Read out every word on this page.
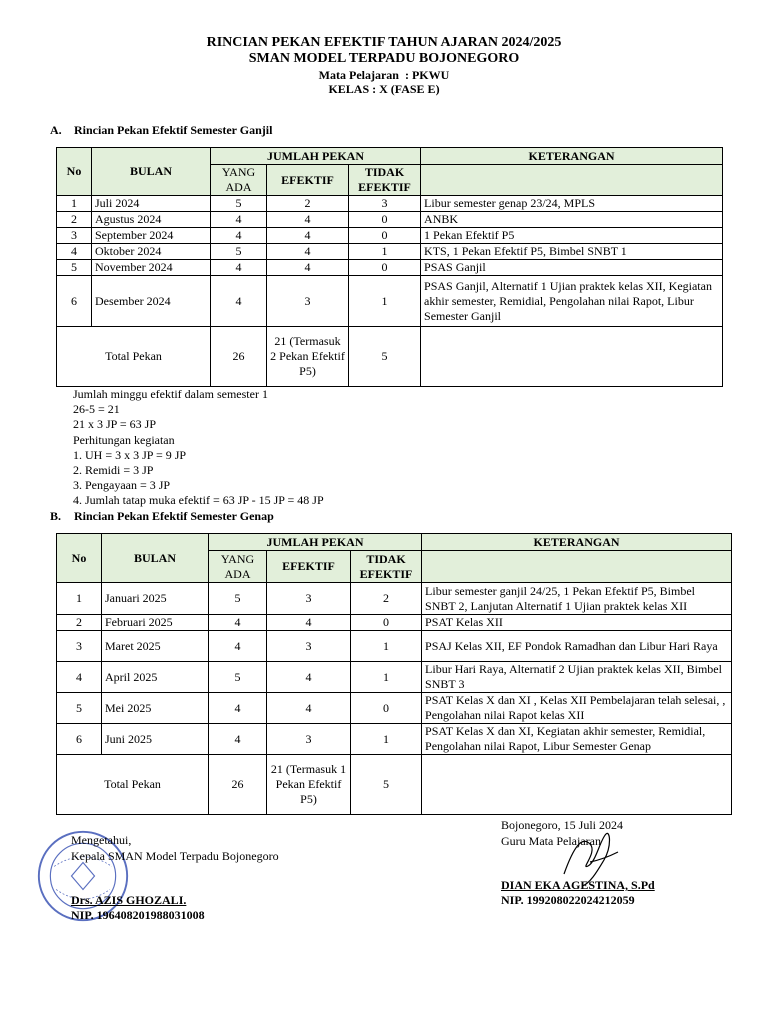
RINCIAN PEKAN EFEKTIF TAHUN AJARAN 2024/2025
SMAN MODEL TERPADU BOJONEGORO
Mata Pelajaran  : PKWU
KELAS : X (FASE E)
A. Rincian Pekan Efektif Semester Ganjil
No	BULAN	JUMLAH PEKAN			KETERANGAN
		YANG ADA	EFEKTIF	TIDAK EFEKTIF	
1	Juli 2024	5	2	3	Libur semester genap 23/24, MPLS
2	Agustus 2024	4	4	0	ANBK
3	September 2024	4	4	0	1 Pekan Efektif P5
4	Oktober 2024	5	4	1	KTS, 1 Pekan Efektif P5, Bimbel SNBT 1
5	November 2024	4	4	0	PSAS Ganjil
6	Desember 2024	4	3	1	PSAS Ganjil, Alternatif 1 Ujian praktek kelas XII, Kegiatan akhir semester, Remidial, Pengolahan nilai Rapot, Libur Semester Ganjil
Total Pekan		26	21 (Termasuk 2 Pekan Efektif P5)	5	
Jumlah minggu efektif dalam semester 1
26-5 = 21
21 x 3 JP = 63 JP
Perhitungan kegiatan
1. UH = 3 x 3 JP = 9 JP
2. Remidi = 3 JP
3. Pengayaan = 3 JP
4. Jumlah tatap muka efektif = 63 JP - 15 JP = 48 JP
B. Rincian Pekan Efektif Semester Genap
No	BULAN	JUMLAH PEKAN			KETERANGAN
		YANG ADA	EFEKTIF	TIDAK EFEKTIF	
1	Januari 2025	5	3	2	Libur semester ganjil 24/25, 1 Pekan Efektif P5, Bimbel SNBT 2, Lanjutan Alternatif 1 Ujian praktek kelas XII
2	Februari 2025	4	4	0	PSAT Kelas XII
3	Maret 2025	4	3	1	PSAJ Kelas XII, EF Pondok Ramadhan dan Libur Hari Raya
4	April 2025	5	4	1	Libur Hari Raya, Alternatif 2 Ujian praktek kelas XII, Bimbel SNBT 3
5	Mei 2025	4	4	0	PSAT Kelas X dan XI , Kelas XII Pembelajaran telah selesai, , Pengolahan nilai Rapot kelas XII
6	Juni 2025	4	3	1	PSAT Kelas X dan XI, Kegiatan akhir semester, Remidial, Pengolahan nilai Rapot, Libur Semester Genap
Total Pekan		26	21 (Termasuk 1 Pekan Efektif P5)	5	
Bojonegoro, 15 Juli 2024
Guru Mata Pelajaran
Mengetahui,
Kepala SMAN Model Terpadu Bojonegoro
Drs. AZIS GHOZALI.
NIP. 196408201988031008
DIAN EKA AGESTINA, S.Pd
NIP. 199208022024212059
